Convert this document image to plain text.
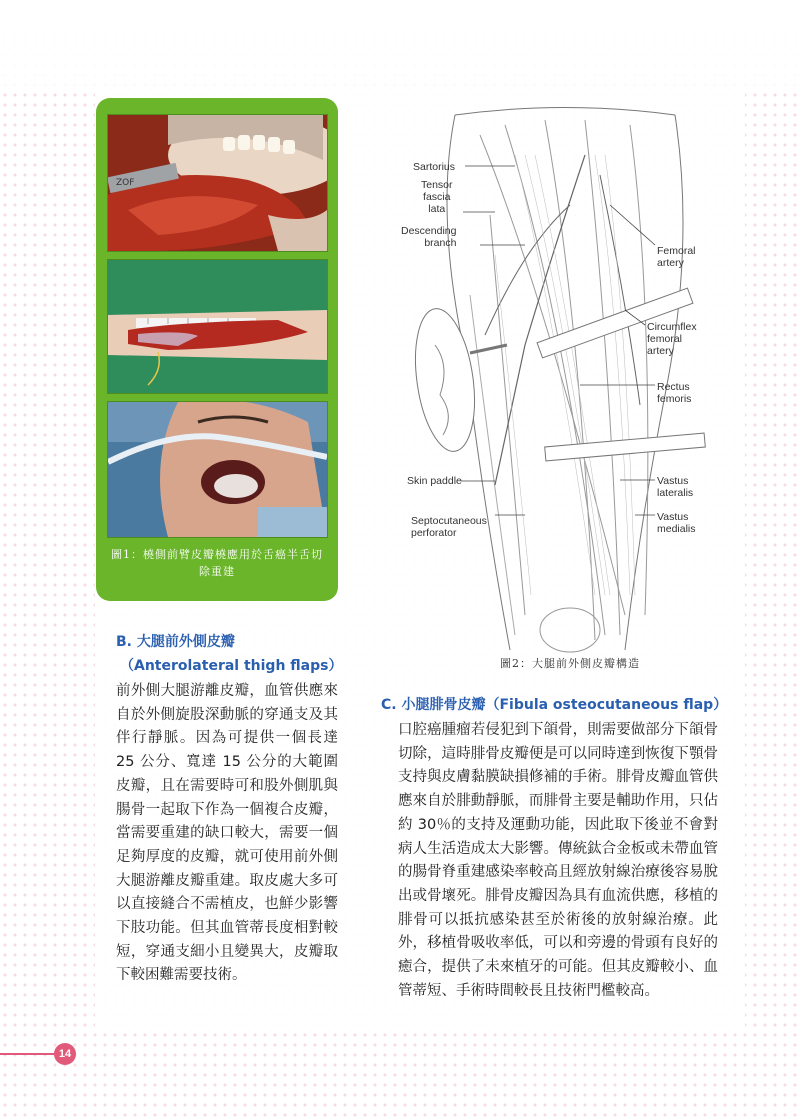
ZOF
圖1：橈側前臂皮瓣橈應用於舌癌半舌切除重建
Sartorius
Tensor
fascia
lata
Descending
branch
Femoral
artery
Circumflex
femoral
artery
Rectus
femoris
Skin paddle	Vastus
lateralis
Septocutaneous
perforator
Vastus
medialis
圖2：大腿前外側皮瓣構造
B. 大腿前外側皮瓣
（Anterolateral thigh flaps）
前外側大腿游離皮瓣，血管供應來自於外側旋股深動脈的穿通支及其伴行靜脈。因為可提供一個長達 25 公分、寬達 15 公分的大範圍皮瓣，且在需要時可和股外側肌與腸骨一起取下作為一個複合皮瓣，當需要重建的缺口較大，需要一個足夠厚度的皮瓣，就可使用前外側大腿游離皮瓣重建。取皮處大多可以直接縫合不需植皮，也鮮少影響下肢功能。但其血管蒂長度相對較短，穿通支細小且變異大，皮瓣取下較困難需要技術。
C. 小腿腓骨皮瓣（Fibula osteocutaneous flap）
口腔癌腫瘤若侵犯到下頜骨，則需要做部分下頜骨切除，這時腓骨皮瓣便是可以同時達到恢復下顎骨支持與皮膚黏膜缺損修補的手術。腓骨皮瓣血管供應來自於腓動靜脈，而腓骨主要是輔助作用，只佔約 30％的支持及運動功能，因此取下後並不會對病人生活造成太大影響。傳統鈦合金板或未帶血管的腸骨脊重建感染率較高且經放射線治療後容易脫出或骨壞死。腓骨皮瓣因為具有血流供應，移植的腓骨可以抵抗感染甚至於術後的放射線治療。此外，移植骨吸收率低，可以和旁邊的骨頭有良好的癒合，提供了未來植牙的可能。但其皮瓣較小、血管蒂短、手術時間較長且技術門檻較高。
14
